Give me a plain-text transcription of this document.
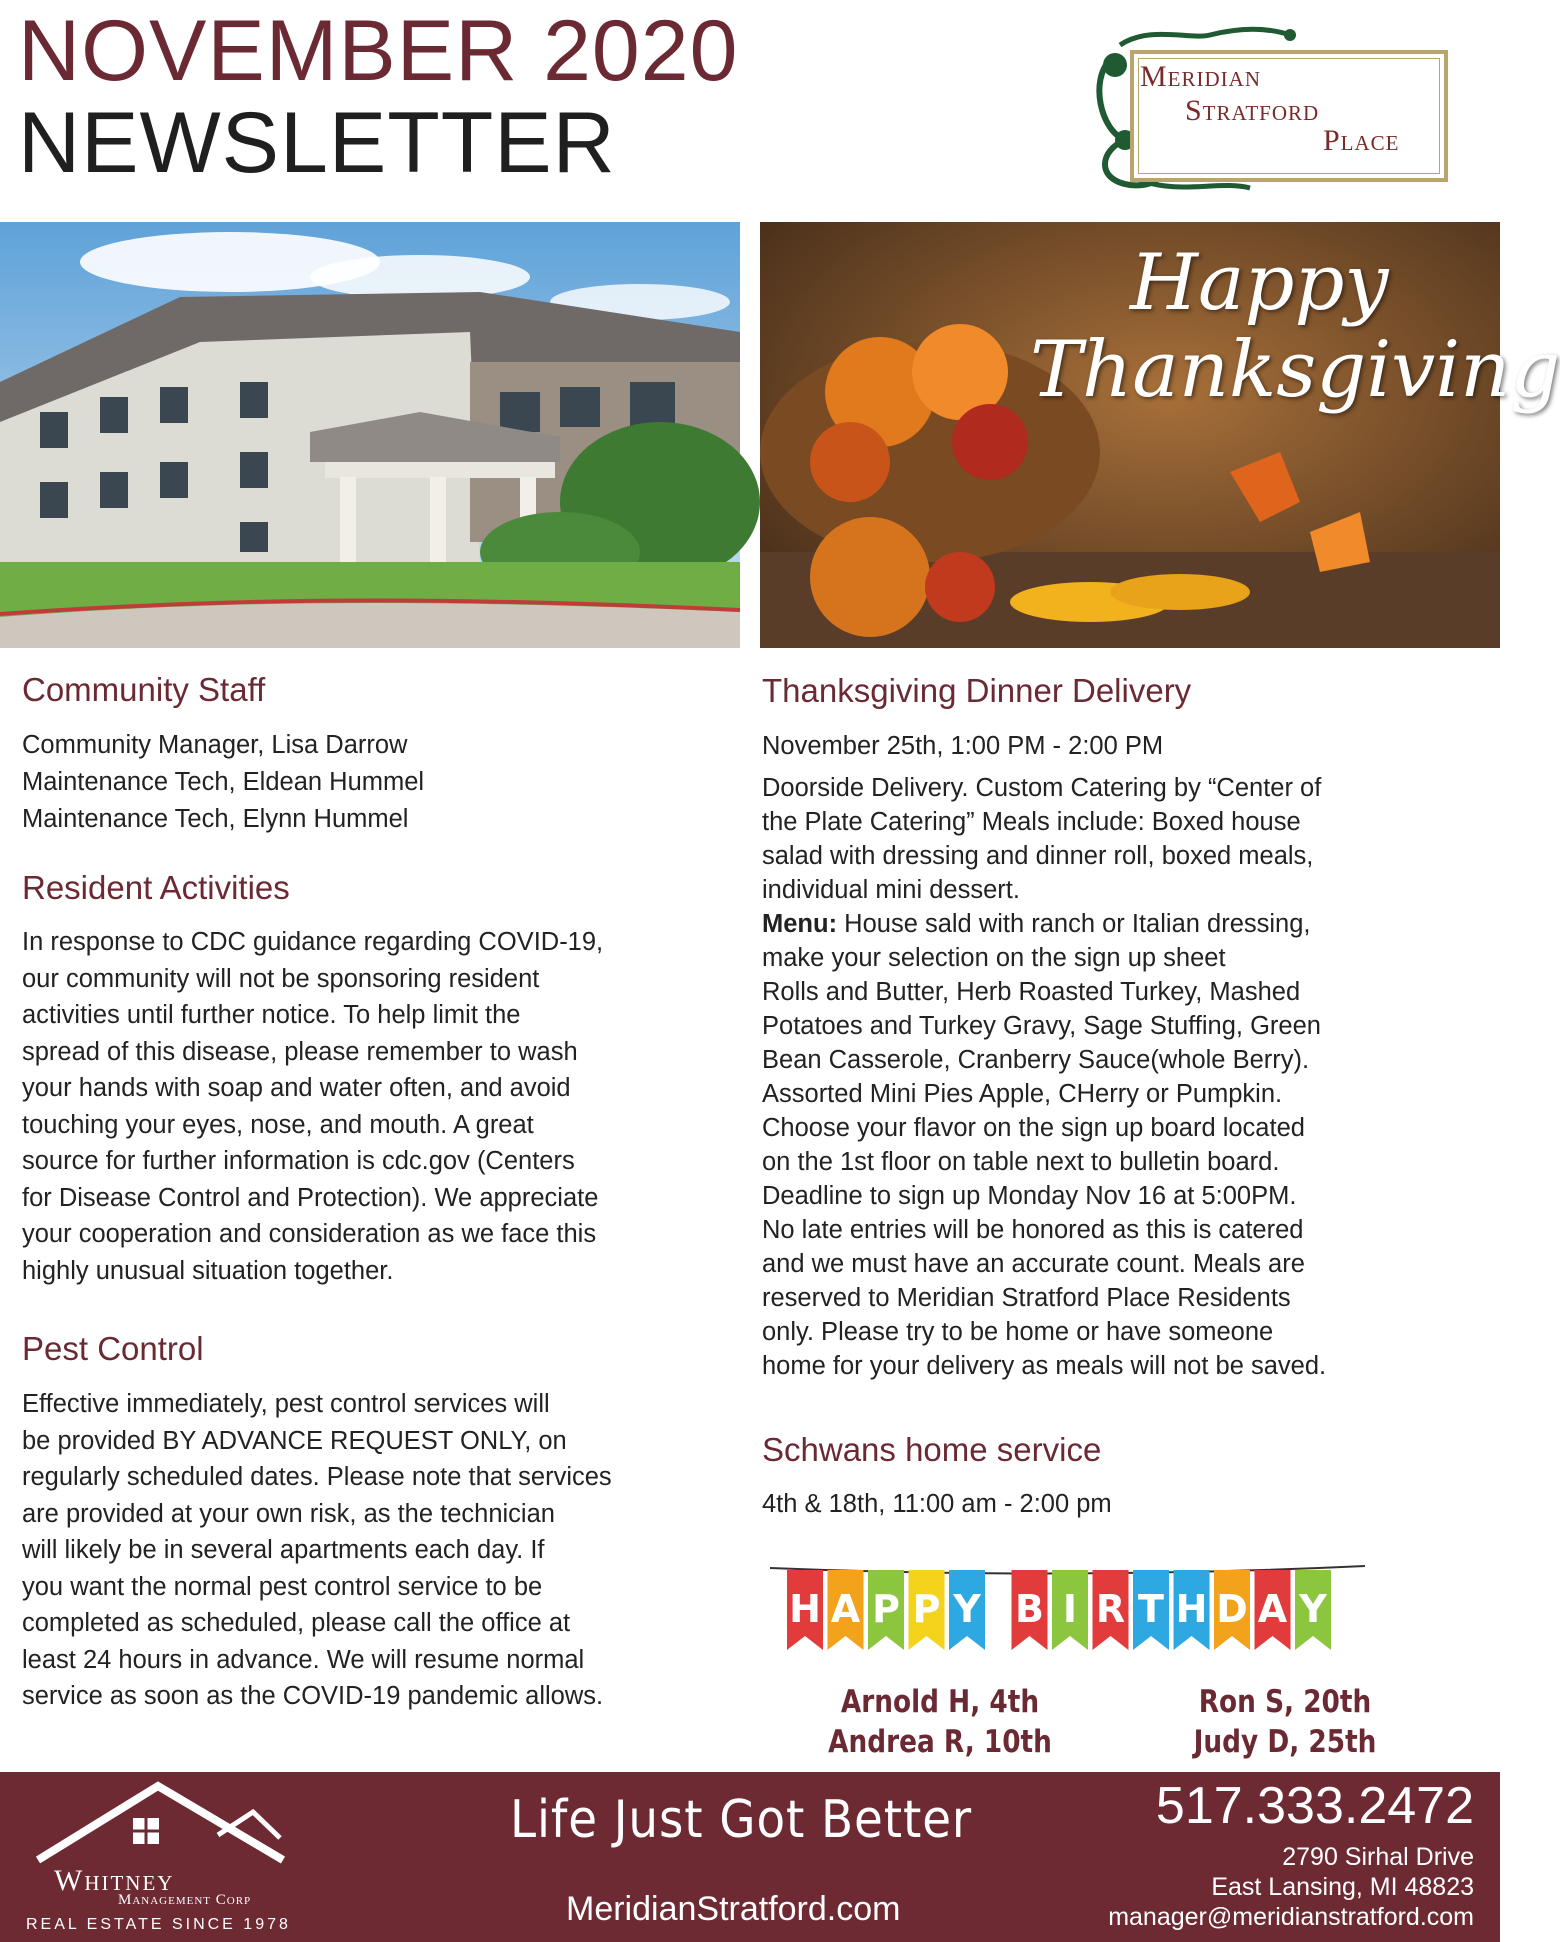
NOVEMBER 2020
NEWSLETTER
Meridian
Stratford
Place
Happy
Thanksgiving
Community Staff
Community Manager, Lisa Darrow
Maintenance Tech, Eldean Hummel
Maintenance Tech, Elynn Hummel
Resident Activities
In response to CDC guidance regarding COVID-19,
our community will not be sponsoring resident
activities until further notice. To help limit the
spread of this disease, please remember to wash
your hands with soap and water often, and avoid
touching your eyes, nose, and mouth. A great
source for further information is cdc.gov (Centers
for Disease Control and Protection). We appreciate
your cooperation and consideration as we face this
highly unusual situation together.
Pest Control
Effective immediately, pest control services will
be provided BY ADVANCE REQUEST ONLY, on
regularly scheduled dates. Please note that services
are provided at your own risk, as the technician
will likely be in several apartments each day. If
you want the normal pest control service to be
completed as scheduled, please call the office at
least 24 hours in advance. We will resume normal
service as soon as the COVID-19 pandemic allows.
Thanksgiving Dinner Delivery
November 25th, 1:00 PM - 2:00 PM
Doorside Delivery. Custom Catering by “Center of
the Plate Catering” Meals include: Boxed house
salad with dressing and dinner roll, boxed meals,
individual mini dessert.
Menu: House sald with ranch or Italian dressing,
make your selection on the sign up sheet
Rolls and Butter, Herb Roasted Turkey, Mashed
Potatoes and Turkey Gravy, Sage Stuffing, Green
Bean Casserole, Cranberry Sauce(whole Berry).
Assorted Mini Pies Apple, CHerry or Pumpkin.
Choose your flavor on the sign up board located
on the 1st floor on table next to bulletin board.
Deadline to sign up Monday Nov 16 at 5:00PM.
No late entries will be honored as this is catered
and we must have an accurate count. Meals are
reserved to Meridian Stratford Place Residents
only. Please try to be home or have someone
home for your delivery as meals will not be saved.
Schwans home service
4th & 18th, 11:00 am - 2:00 pm
H A P P Y B I R T H D A Y
Arnold H, 4th
Andrea R, 10th
Ron S, 20th
Judy D, 25th
Whitney
Management Corp
REAL ESTATE SINCE 1978
Life Just Got Better
MeridianStratford.com
517.333.2472
2790 Sirhal Drive
East Lansing, MI 48823
manager@meridianstratford.com
